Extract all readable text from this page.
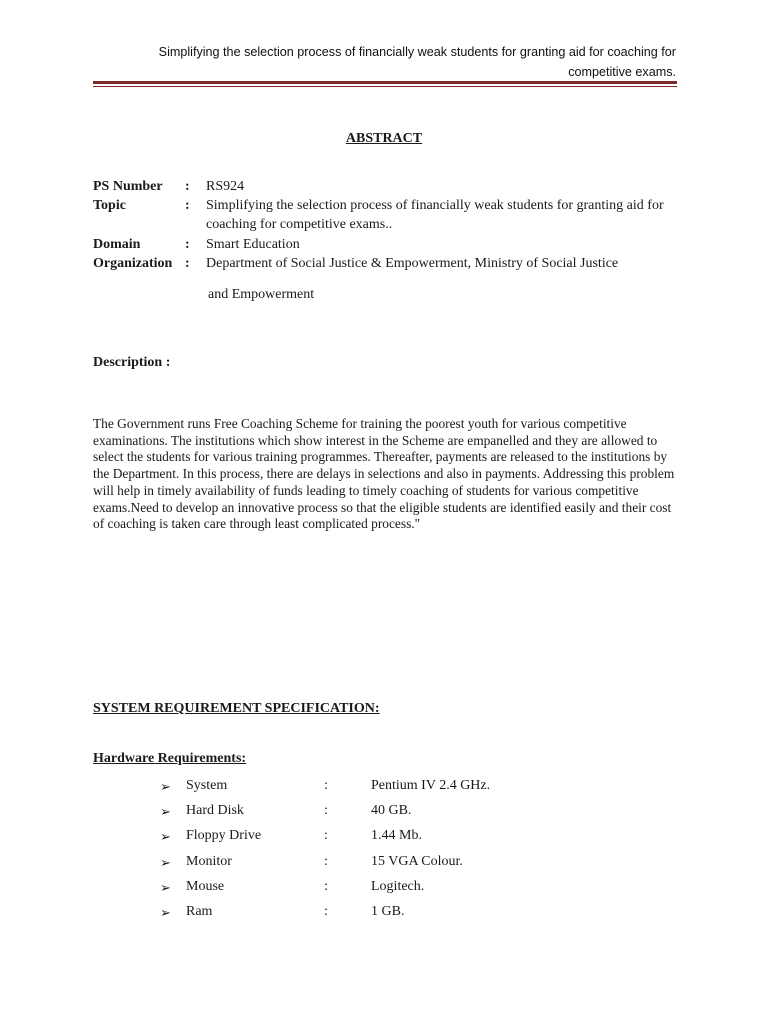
Simplifying the selection process of financially weak students for granting aid for coaching for competitive exams.
ABSTRACT
PS Number : RS924
Topic	: Simplifying the selection process of financially weak students for granting aid for coaching for competitive exams..
Domain	: Smart Education
Organization : Department of Social Justice & Empowerment, Ministry of Social Justice
and Empowerment
Description :
The Government runs Free Coaching Scheme for training the poorest youth for various competitive examinations. The institutions which show interest in the Scheme are empanelled and they are allowed to select the students for various training programmes. Thereafter, payments are released to the institutions by the Department. In this process, there are delays in selections and also in payments. Addressing this problem will help in timely availability of funds leading to timely coaching of students for various competitive exams.Need to develop an innovative process so that the eligible students are identified easily and their cost of coaching is taken care through least complicated process."
SYSTEM REQUIREMENT SPECIFICATION:
Hardware Requirements:
➢ System	:	Pentium IV 2.4 GHz.
➢ Hard Disk	:	40 GB.
➢ Floppy Drive	:	1.44 Mb.
➢ Monitor	:	15 VGA Colour.
➢ Mouse	:	Logitech.
➢ Ram	:	1 GB.
